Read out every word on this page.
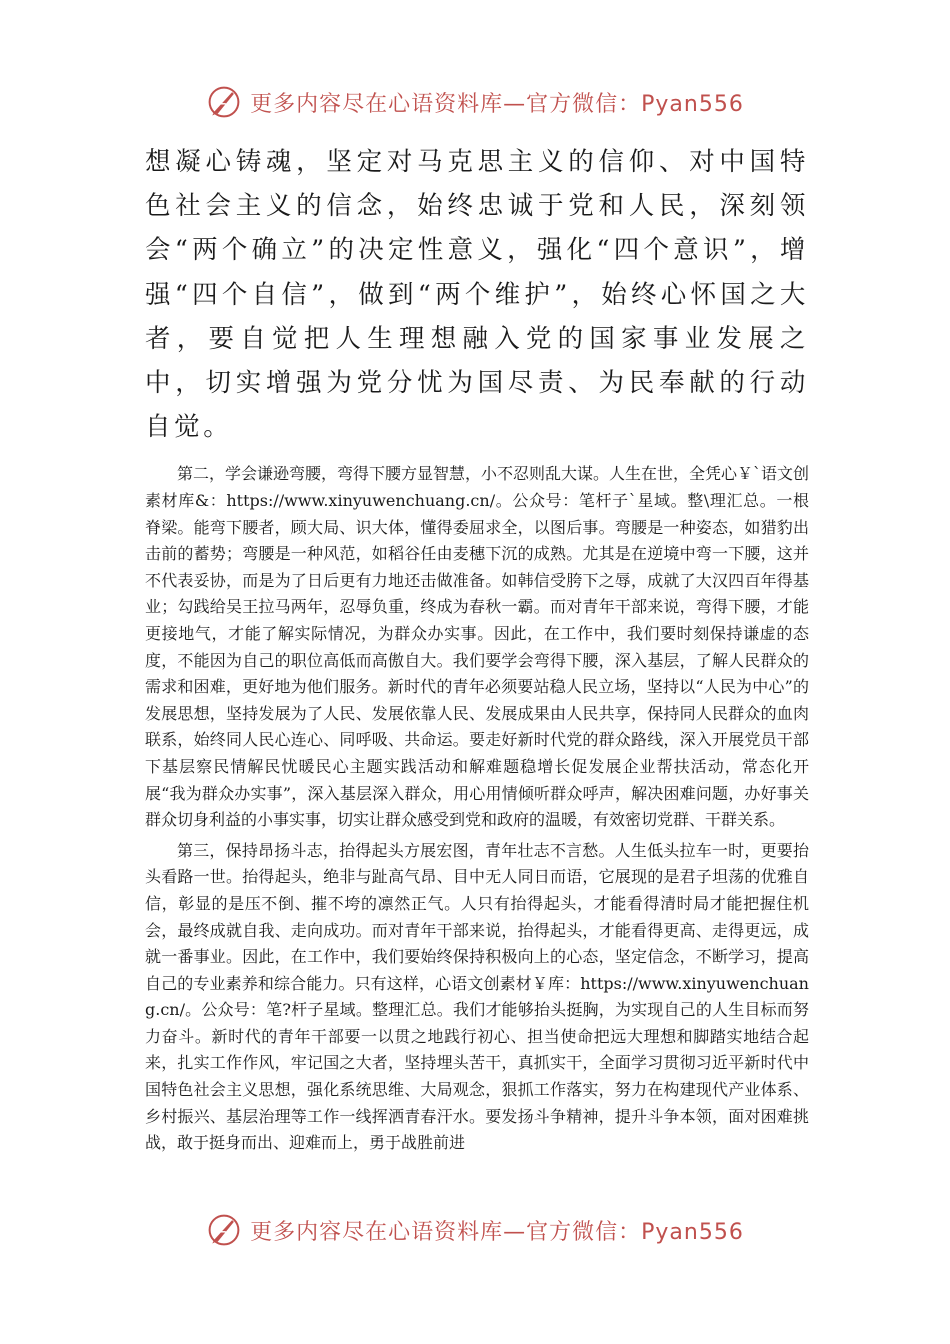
更多内容尽在心语资料库—官方微信：Pyan556

想凝心铸魂，坚定对马克思主义的信仰、对中国特色社会主义的信念，始终忠诚于党和人民，深刻领会“两个确立”的决定性意义，强化“四个意识”，增强“四个自信”，做到“两个维护”，始终心怀国之大者，要自觉把人生理想融入党的国家事业发展之中，切实增强为党分忧为国尽责、为民奉献的行动自觉。

第二，学会谦逊弯腰，弯得下腰方显智慧，小不忍则乱大谋。人生在世，全凭心￥`语文创素材库&：https://www.xinyuwenchuang.cn/。公众号：笔杆子`星域。整\理汇总。一根脊梁。能弯下腰者，顾大局、识大体，懂得委屈求全，以图后事。弯腰是一种姿态，如猎豹出击前的蓄势；弯腰是一种风范，如稻谷任由麦穗下沉的成熟。尤其是在逆境中弯一下腰，这并不代表妥协，而是为了日后更有力地还击做准备。如韩信受胯下之辱，成就了大汉四百年得基业；勾践给吴王拉马两年，忍辱负重，终成为春秋一霸。而对青年干部来说，弯得下腰，才能更接地气，才能了解实际情况，为群众办实事。因此，在工作中，我们要时刻保持谦虚的态度，不能因为自己的职位高低而高傲自大。我们要学会弯得下腰，深入基层，了解人民群众的需求和困难，更好地为他们服务。新时代的青年必须要站稳人民立场，坚持以“人民为中心”的发展思想，坚持发展为了人民、发展依靠人民、发展成果由人民共享，保持同人民群众的血肉联系，始终同人民心连心、同呼吸、共命运。要走好新时代党的群众路线，深入开展党员干部下基层察民情解民忧暖民心主题实践活动和解难题稳增长促发展企业帮扶活动，常态化开展“我为群众办实事”，深入基层深入群众，用心用情倾听群众呼声，解决困难问题，办好事关群众切身利益的小事实事，切实让群众感受到党和政府的温暖，有效密切党群、干群关系。

第三，保持昂扬斗志，抬得起头方展宏图，青年壮志不言愁。人生低头拉车一时，更要抬头看路一世。抬得起头，绝非与趾高气昂、目中无人同日而语，它展现的是君子坦荡的优雅自信，彰显的是压不倒、摧不垮的凛然正气。人只有抬得起头，才能看得清时局才能把握住机会，最终成就自我、走向成功。而对青年干部来说，抬得起头，才能看得更高、走得更远，成就一番事业。因此，在工作中，我们要始终保持积极向上的心态，坚定信念，不断学习，提高自己的专业素养和综合能力。只有这样，心语文创素材￥库：https://www.xinyuwenchuang.cn/。公众号：笔?杆子星域。整理汇总。我们才能够抬头挺胸，为实现自己的人生目标而努力奋斗。新时代的青年干部要一以贯之地践行初心、担当使命把远大理想和脚踏实地结合起来，扎实工作作风，牢记国之大者，坚持埋头苦干，真抓实干，全面学习贯彻习近平新时代中国特色社会主义思想，强化系统思维、大局观念，狠抓工作落实，努力在构建现代产业体系、乡村振兴、基层治理等工作一线挥洒青春汗水。要发扬斗争精神，提升斗争本领，面对困难挑战，敢于挺身而出、迎难而上，勇于战胜前进

更多内容尽在心语资料库—官方微信：Pyan556
